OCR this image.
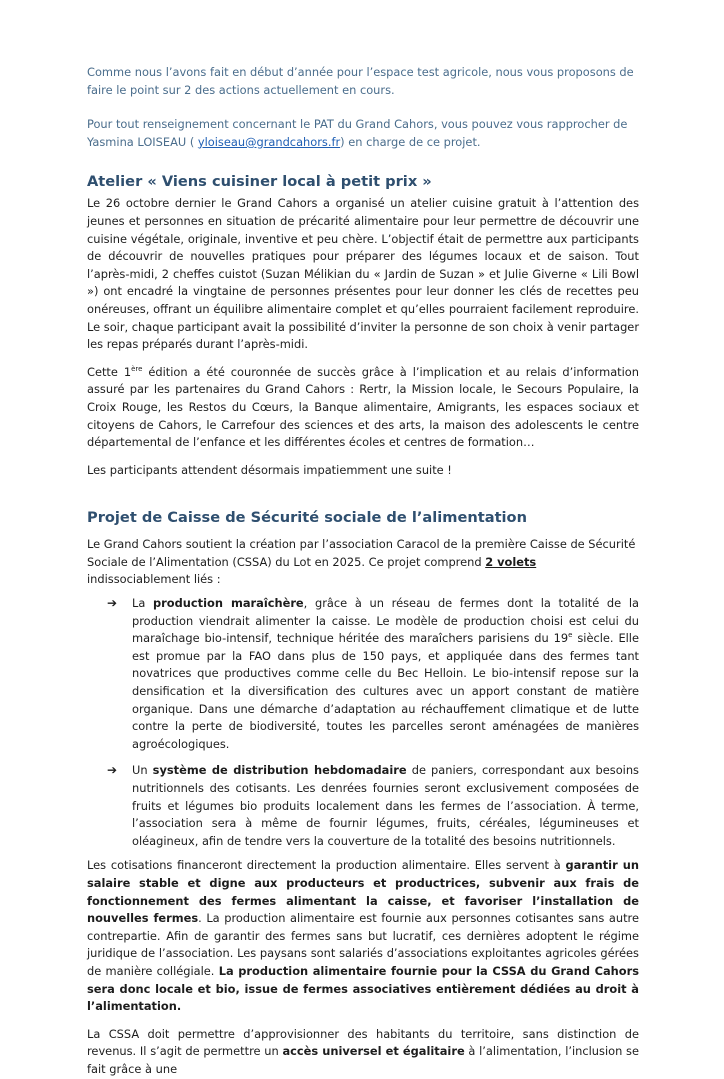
Comme nous l’avons fait en début d’année pour l’espace test agricole, nous vous proposons de faire le point sur 2 des actions actuellement en cours.

Pour tout renseignement concernant le PAT du Grand Cahors, vous pouvez vous rapprocher de Yasmina LOISEAU ( yloiseau@grandcahors.fr) en charge de ce projet.

Atelier « Viens cuisiner local à petit prix »

Le 26 octobre dernier le Grand Cahors a organisé un atelier cuisine gratuit à l’attention des jeunes et personnes en situation de précarité alimentaire pour leur permettre de découvrir une cuisine végétale, originale, inventive et peu chère. L’objectif était de permettre aux participants de découvrir de nouvelles pratiques pour préparer des légumes locaux et de saison. Tout l’après-midi, 2 cheffes cuistot (Suzan Mélikian du « Jardin de Suzan » et Julie Giverne « Lili Bowl ») ont encadré la vingtaine de personnes présentes pour leur donner les clés de recettes peu onéreuses, offrant un équilibre alimentaire complet et qu’elles pourraient facilement reproduire. Le soir, chaque participant avait la possibilité d’inviter la personne de son choix à venir partager les repas préparés durant l’après-midi.

Cette 1ère édition a été couronnée de succès grâce à l’implication et au relais d’information assuré par les partenaires du Grand Cahors : Rertr, la Mission locale, le Secours Populaire, la Croix Rouge, les Restos du Cœurs, la Banque alimentaire, Amigrants, les espaces sociaux et citoyens de Cahors, le Carrefour des sciences et des arts, la maison des adolescents le centre départemental de l’enfance et les différentes écoles et centres de formation…

Les participants attendent désormais impatiemment une suite !

Projet de Caisse de Sécurité sociale de l’alimentation

Le Grand Cahors soutient la création par l’association Caracol de la première Caisse de Sécurité Sociale de l’Alimentation (CSSA) du Lot en 2025. Ce projet comprend 2 volets indissociablement liés :

➔ La production maraîchère, grâce à un réseau de fermes dont la totalité de la production viendrait alimenter la caisse. Le modèle de production choisi est celui du maraîchage bio-intensif, technique héritée des maraîchers parisiens du 19e siècle. Elle est promue par la FAO dans plus de 150 pays, et appliquée dans des fermes tant novatrices que productives comme celle du Bec Helloin. Le bio-intensif repose sur la densification et la diversification des cultures avec un apport constant de matière organique. Dans une démarche d’adaptation au réchauffement climatique et de lutte contre la perte de biodiversité, toutes les parcelles seront aménagées de manières agroécologiques.
➔ Un système de distribution hebdomadaire de paniers, correspondant aux besoins nutritionnels des cotisants. Les denrées fournies seront exclusivement composées de fruits et légumes bio produits localement dans les fermes de l’association. À terme, l’association sera à même de fournir légumes, fruits, céréales, légumineuses et oléagineux, afin de tendre vers la couverture de la totalité des besoins nutritionnels.

Les cotisations financeront directement la production alimentaire. Elles servent à garantir un salaire stable et digne aux producteurs et productrices, subvenir aux frais de fonctionnement des fermes alimentant la caisse, et favoriser l’installation de nouvelles fermes. La production alimentaire est fournie aux personnes cotisantes sans autre contrepartie. Afin de garantir des fermes sans but lucratif, ces dernières adoptent le régime juridique de l’association. Les paysans sont salariés d’associations exploitantes agricoles gérées de manière collégiale. La production alimentaire fournie pour la CSSA du Grand Cahors sera donc locale et bio, issue de fermes associatives entièrement dédiées au droit à l’alimentation.

La CSSA doit permettre d’approvisionner des habitants du territoire, sans distinction de revenus. Il s’agit de permettre un accès universel et égalitaire à l’alimentation, l’inclusion se fait grâce à une
